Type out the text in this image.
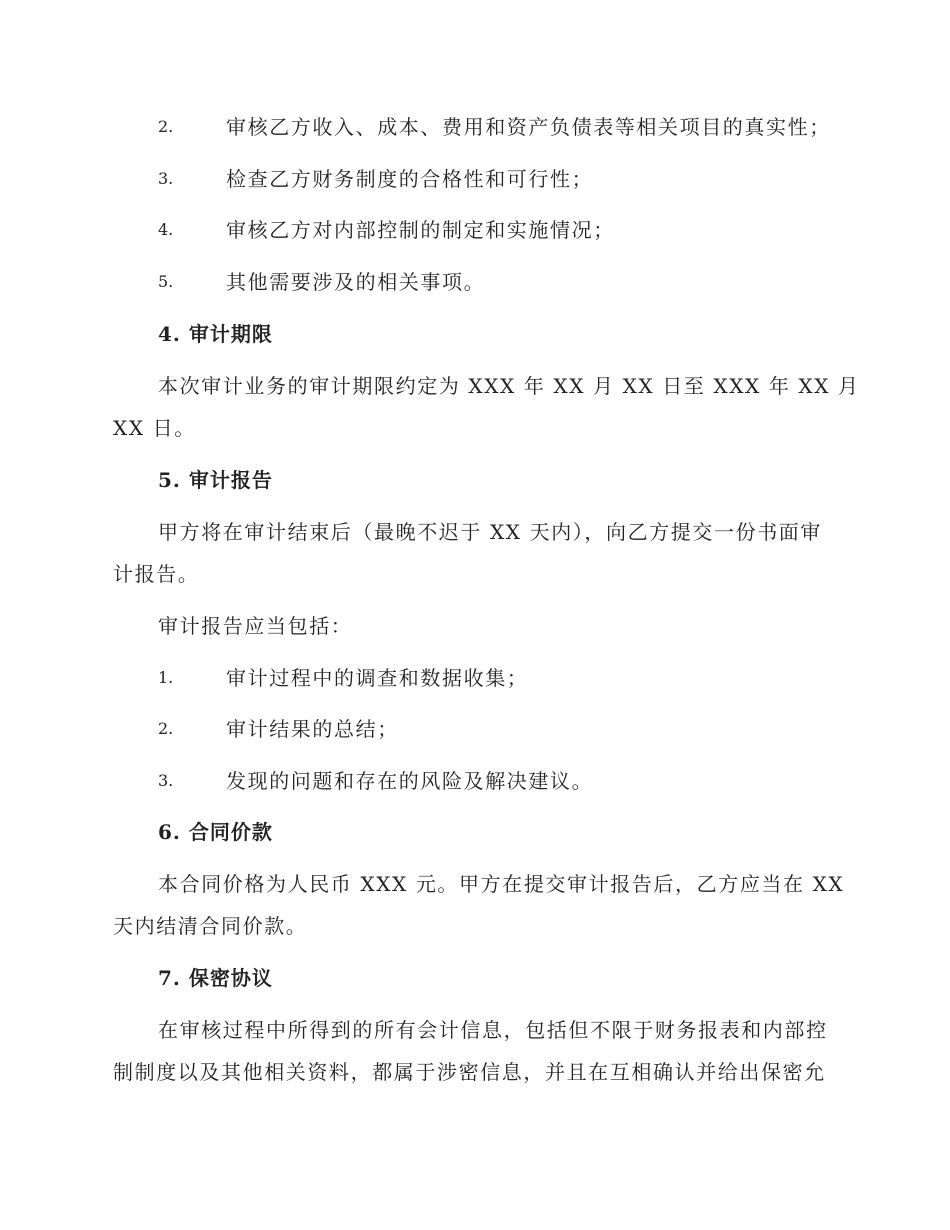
2.	审核乙方收入、成本、费用和资产负债表等相关项目的真实性；
3.	检查乙方财务制度的合格性和可行性；
4.	审核乙方对内部控制的制定和实施情况；
5.	其他需要涉及的相关事项。
4. 审计期限
本次审计业务的审计期限约定为 XXX 年 XX 月 XX 日至 XXX 年 XX 月
XX 日。
5. 审计报告
甲方将在审计结束后（最晚不迟于 XX 天内），向乙方提交一份书面审
计报告。
审计报告应当包括：
1.	审计过程中的调查和数据收集；
2.	审计结果的总结；
3.	发现的问题和存在的风险及解决建议。
6. 合同价款
本合同价格为人民币 XXX 元。甲方在提交审计报告后，乙方应当在 XX
天内结清合同价款。
7. 保密协议
在审核过程中所得到的所有会计信息，包括但不限于财务报表和内部控
制制度以及其他相关资料，都属于涉密信息，并且在互相确认并给出保密允
